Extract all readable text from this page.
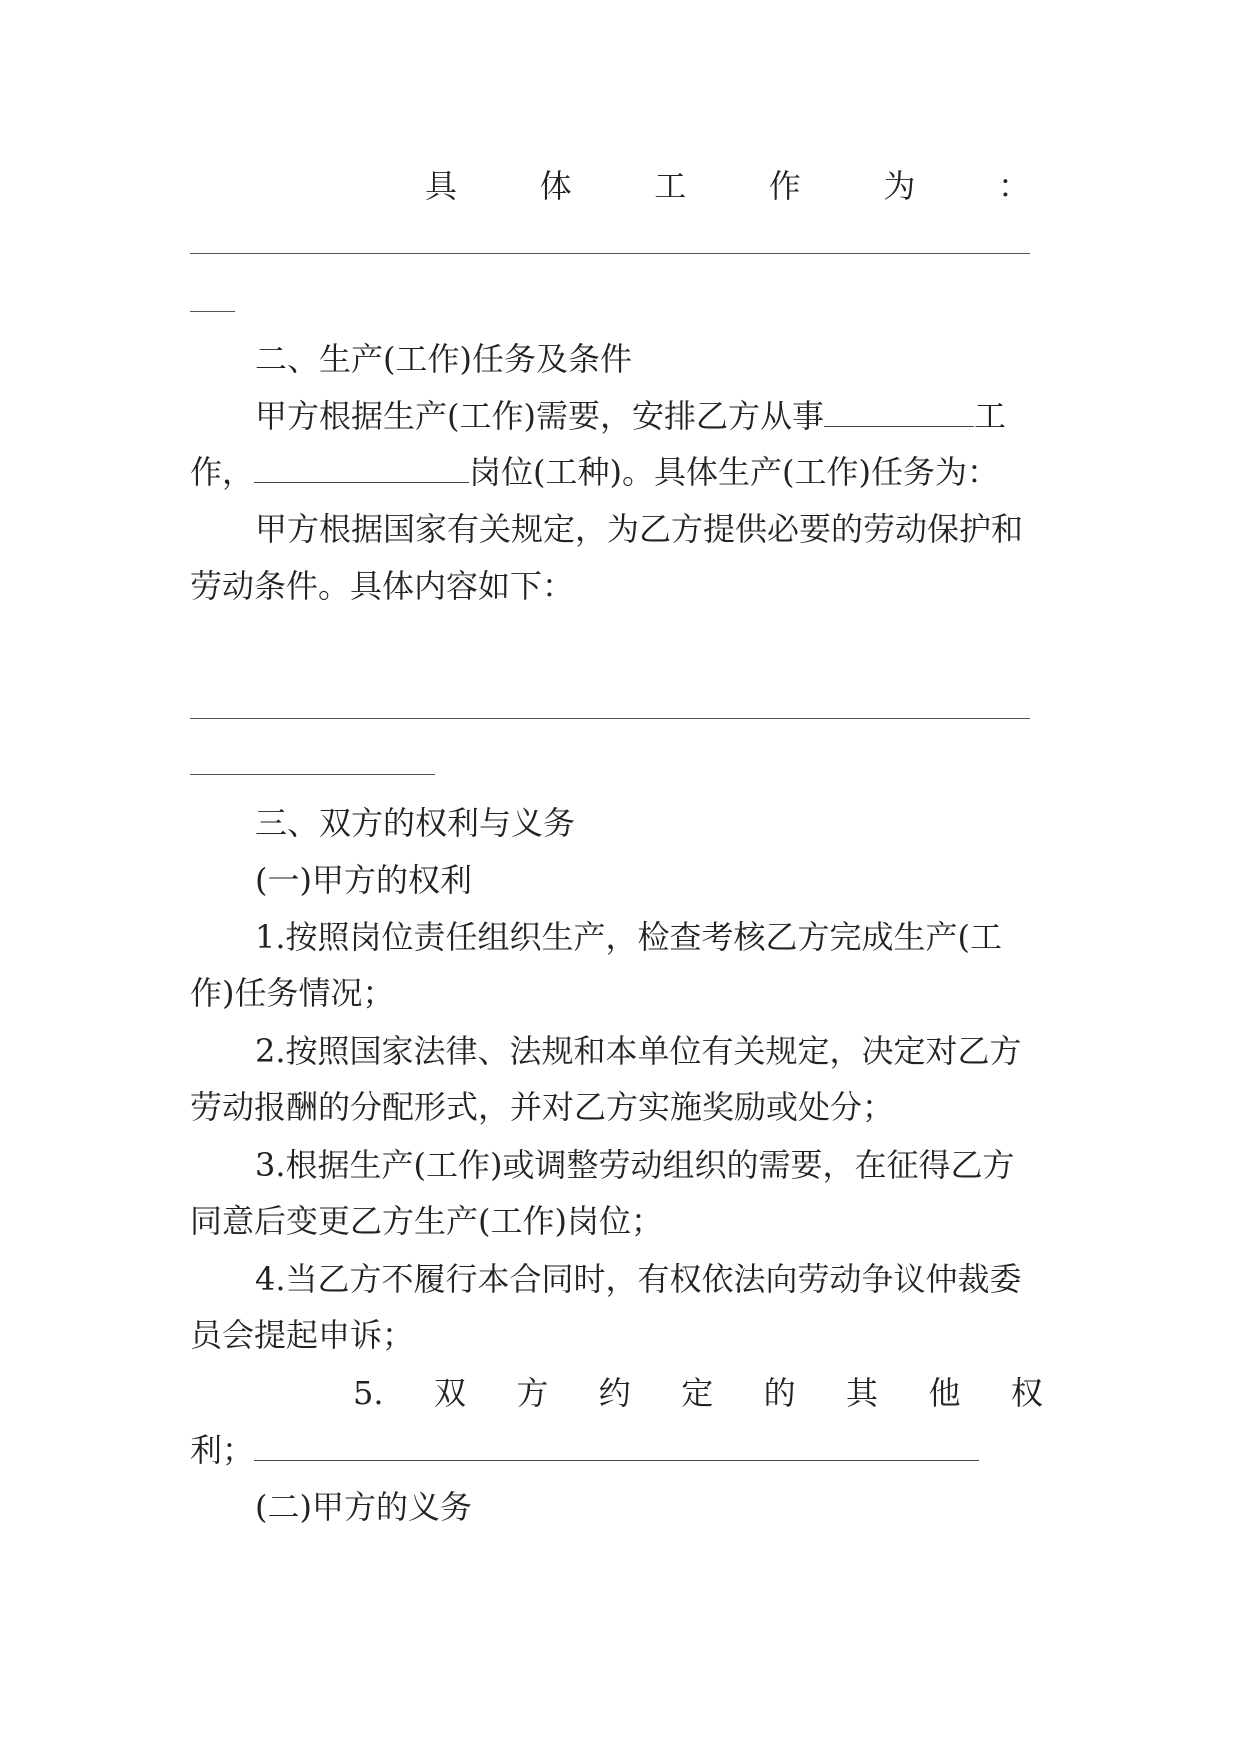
具	体	工	作	为	：
二、生产(工作)任务及条件
甲方根据生产(工作)需要，安排乙方从事	工
作，	岗位(工种)。具体生产(工作)任务为：
甲方根据国家有关规定，为乙方提供必要的劳动保护和
劳动条件。具体内容如下：
三、双方的权利与义务
(一)甲方的权利
1.按照岗位责任组织生产，检查考核乙方完成生产(工
作)任务情况；
2.按照国家法律、法规和本单位有关规定，决定对乙方
劳动报酬的分配形式，并对乙方实施奖励或处分；
3.根据生产(工作)或调整劳动组织的需要，在征得乙方
同意后变更乙方生产(工作)岗位；
4.当乙方不履行本合同时，有权依法向劳动争议仲裁委
员会提起申诉；
5. 双 方 约 定 的 其 他 权
利；
(二)甲方的义务
